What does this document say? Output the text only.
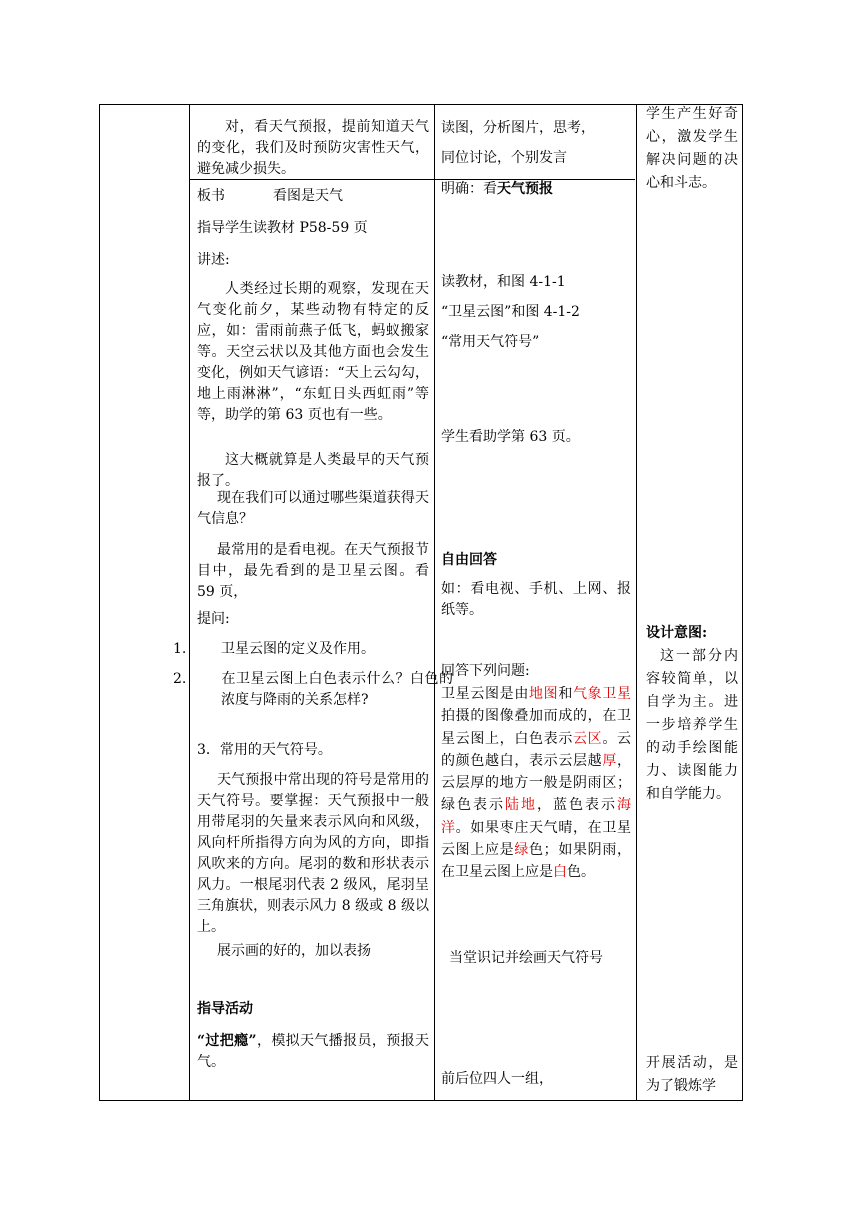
对，看天气预报，提前知道天气的变化，我们及时预防灾害性天气，避免减少损失。

板书	看图是天气

指导学生读教材 P58-59 页

讲述:

人类经过长期的观察，发现在天气变化前夕，某些动物有特定的反应，如：雷雨前燕子低飞，蚂蚁搬家等。天空云状以及其他方面也会发生变化，例如天气谚语：“天上云勾勾，地上雨淋淋”，“东虹日头西虹雨”等等，助学的第 63 页也有一些。

这大概就算是人类最早的天气预报了。

现在我们可以通过哪些渠道获得天气信息？

最常用的是看电视。在天气预报节目中，最先看到的是卫星云图。看 59 页，

提问:

1. 卫星云图的定义及作用。

2. 在卫星云图上白色表示什么？白色的浓度与降雨的关系怎样?

3．常用的天气符号。

天气预报中常出现的符号是常用的天气符号。要掌握：天气预报中一般用带尾羽的矢量来表示风向和风级，风向杆所指得方向为风的方向，即指风吹来的方向。尾羽的数和形状表示风力。一根尾羽代表 2 级风，尾羽呈三角旗状，则表示风力 8 级或 8 级以上。

展示画的好的，加以表扬

指导活动

“过把瘾”，模拟天气播报员，预报天气。

读图，分析图片，思考，

同位讨论，个别发言

明确：看天气预报

读教材，和图 4-1-1

“卫星云图”和图 4-1-2

“常用天气符号”

学生看助学第 63 页。

自由回答

如：看电视、手机、上网、报纸等。

回答下列问题:

卫星云图是由地图和气象卫星拍摄的图像叠加而成的，在卫星云图上，白色表示云区。云的颜色越白，表示云层越厚，云层厚的地方一般是阴雨区；绿色表示陆地，蓝色表示海洋。如果枣庄天气晴，在卫星云图上应是绿色；如果阴雨，在卫星云图上应是白色。

当堂识记并绘画天气符号

前后位四人一组，

学生产生好奇心，激发学生解决问题的决心和斗志。

设计意图:

这一部分内容较简单，以自学为主。进一步培养学生的动手绘图能力、读图能力和自学能力。

开展活动，是为了锻炼学
